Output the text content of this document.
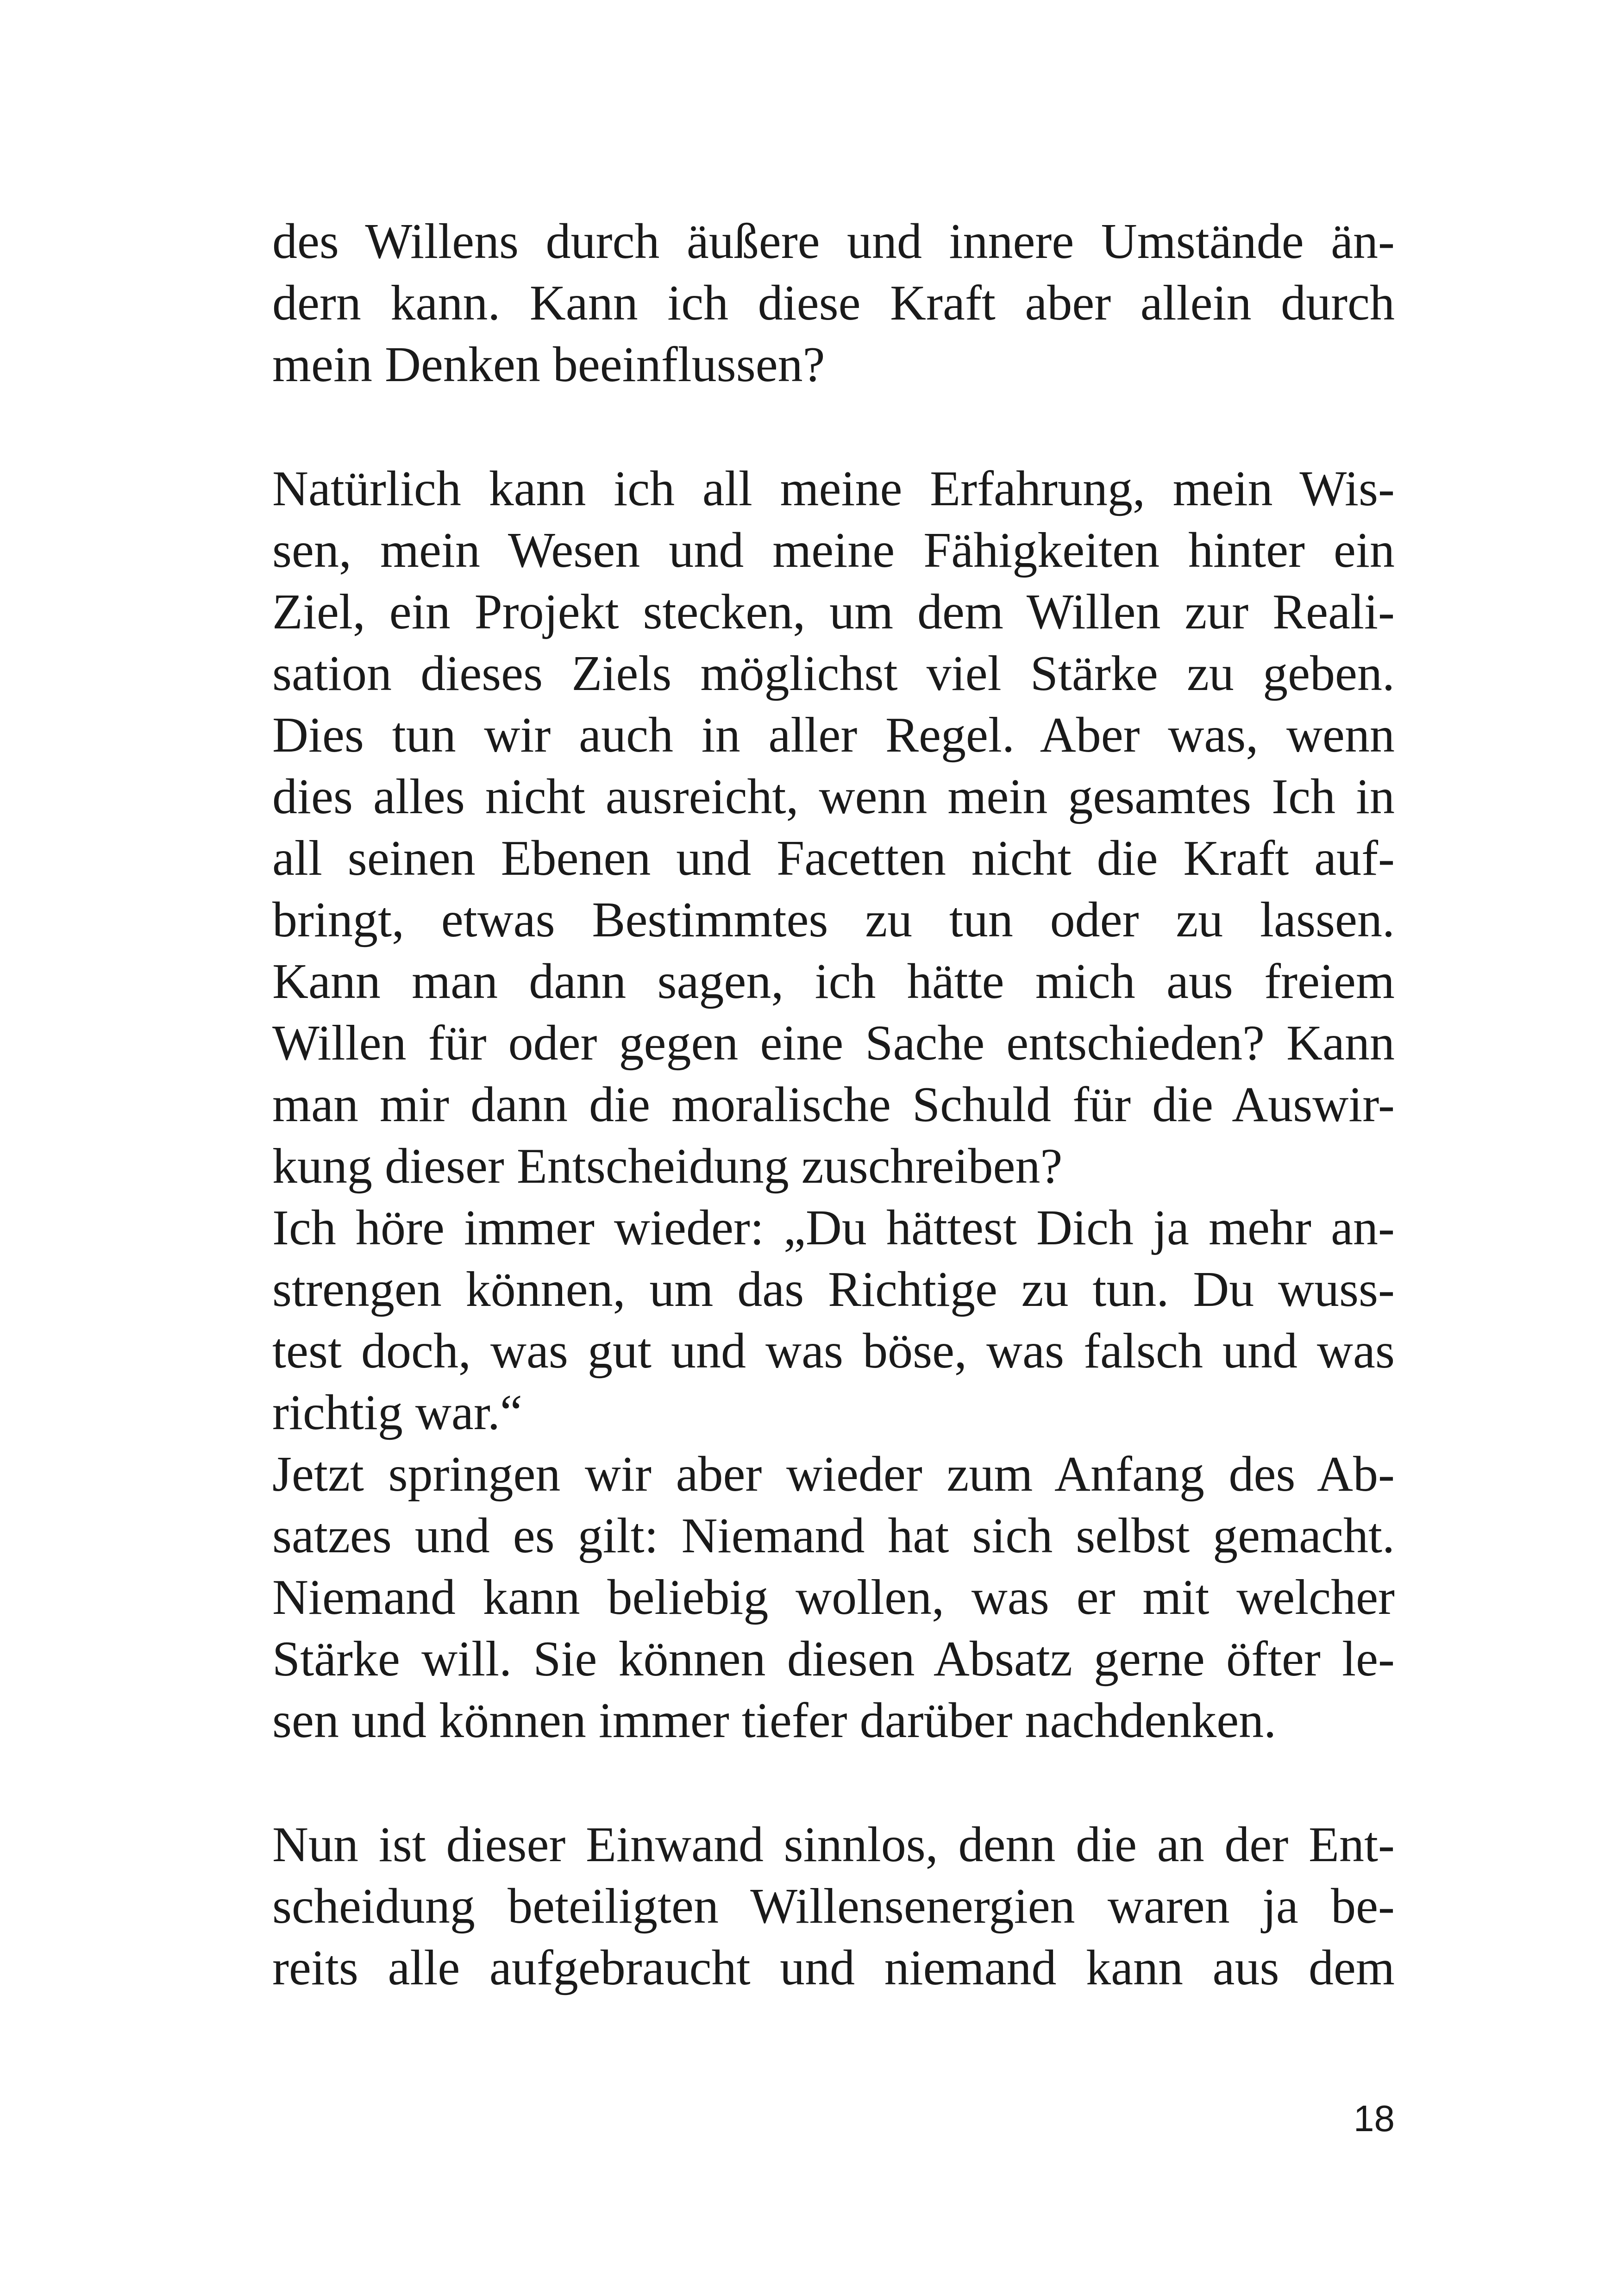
des Willens durch äußere und innere Umstände än-
dern kann. Kann ich diese Kraft aber allein durch
mein Denken beeinflussen?
Natürlich kann ich all meine Erfahrung, mein Wis-
sen, mein Wesen und meine Fähigkeiten hinter ein
Ziel, ein Projekt stecken, um dem Willen zur Reali-
sation dieses Ziels möglichst viel Stärke zu geben.
Dies tun wir auch in aller Regel. Aber was, wenn
dies alles nicht ausreicht, wenn mein gesamtes Ich in
all seinen Ebenen und Facetten nicht die Kraft auf-
bringt, etwas Bestimmtes zu tun oder zu lassen.
Kann man dann sagen, ich hätte mich aus freiem
Willen für oder gegen eine Sache entschieden? Kann
man mir dann die moralische Schuld für die Auswir-
kung dieser Entscheidung zuschreiben?
Ich höre immer wieder: „Du hättest Dich ja mehr an-
strengen können, um das Richtige zu tun. Du wuss-
test doch, was gut und was böse, was falsch und was
richtig war.“
Jetzt springen wir aber wieder zum Anfang des Ab-
satzes und es gilt: Niemand hat sich selbst gemacht.
Niemand kann beliebig wollen, was er mit welcher
Stärke will. Sie können diesen Absatz gerne öfter le-
sen und können immer tiefer darüber nachdenken.
Nun ist dieser Einwand sinnlos, denn die an der Ent-
scheidung beteiligten Willensenergien waren ja be-
reits alle aufgebraucht und niemand kann aus dem
18
